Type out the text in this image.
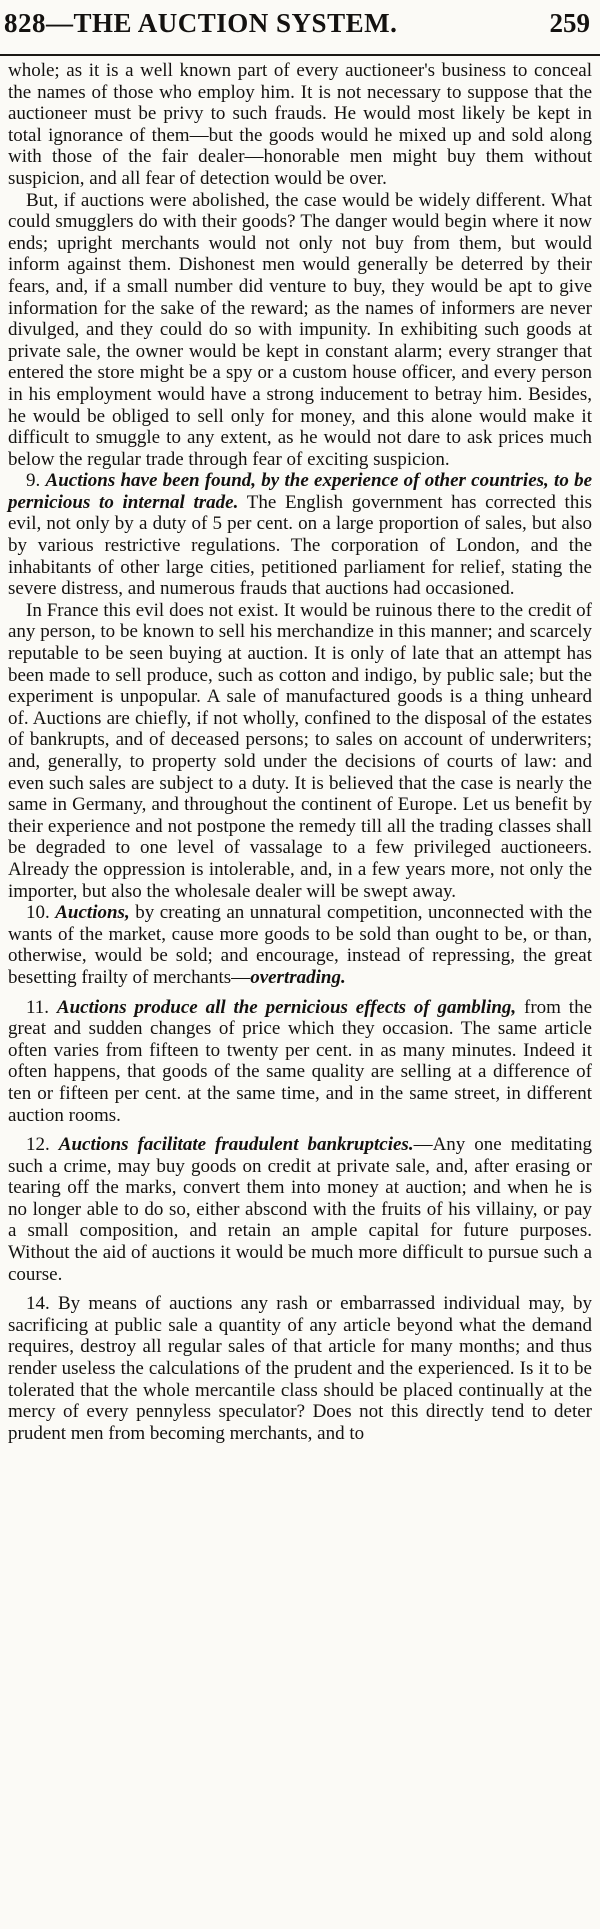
828—THE AUCTION SYSTEM.	259

whole; as it is a well known part of every auctioneer's business to conceal the names of those who employ him. It is not necessary to suppose that the auctioneer must be privy to such frauds. He would most likely be kept in total ignorance of them—but the goods would he mixed up and sold along with those of the fair dealer—honorable men might buy them without suspicion, and all fear of detection would be over.

But, if auctions were abolished, the case would be widely different. What could smugglers do with their goods? The danger would begin where it now ends; upright merchants would not only not buy from them, but would inform against them. Dishonest men would generally be deterred by their fears, and, if a small number did venture to buy, they would be apt to give information for the sake of the reward; as the names of informers are never divulged, and they could do so with impunity. In exhibiting such goods at private sale, the owner would be kept in constant alarm; every stranger that entered the store might be a spy or a custom house officer, and every person in his employment would have a strong inducement to betray him. Besides, he would be obliged to sell only for money, and this alone would make it difficult to smuggle to any extent, as he would not dare to ask prices much below the regular trade through fear of exciting suspicion.

9. Auctions have been found, by the experience of other countries, to be pernicious to internal trade. The English government has corrected this evil, not only by a duty of 5 per cent. on a large proportion of sales, but also by various restrictive regulations. The corporation of London, and the inhabitants of other large cities, petitioned parliament for relief, stating the severe distress, and numerous frauds that auctions had occasioned.

In France this evil does not exist. It would be ruinous there to the credit of any person, to be known to sell his merchandize in this manner; and scarcely reputable to be seen buying at auction. It is only of late that an attempt has been made to sell produce, such as cotton and indigo, by public sale; but the experiment is unpopular. A sale of manufactured goods is a thing unheard of. Auctions are chiefly, if not wholly, confined to the disposal of the estates of bankrupts, and of deceased persons; to sales on account of underwriters; and, generally, to property sold under the decisions of courts of law: and even such sales are subject to a duty. It is believed that the case is nearly the same in Germany, and throughout the continent of Europe. Let us benefit by their experience and not postpone the remedy till all the trading classes shall be degraded to one level of vassalage to a few privileged auctioneers. Already the oppression is intolerable, and, in a few years more, not only the importer, but also the wholesale dealer will be swept away.

10. Auctions, by creating an unnatural competition, unconnected with the wants of the market, cause more goods to be sold than ought to be, or than, otherwise, would be sold; and encourage, instead of repressing, the great besetting frailty of merchants—overtrading.

11. Auctions produce all the pernicious effects of gambling, from the great and sudden changes of price which they occasion. The same article often varies from fifteen to twenty per cent. in as many minutes. Indeed it often happens, that goods of the same quality are selling at a difference of ten or fifteen per cent. at the same time, and in the same street, in different auction rooms.

12. Auctions facilitate fraudulent bankruptcies.—Any one meditating such a crime, may buy goods on credit at private sale, and, after erasing or tearing off the marks, convert them into money at auction; and when he is no longer able to do so, either abscond with the fruits of his villainy, or pay a small composition, and retain an ample capital for future purposes. Without the aid of auctions it would be much more difficult to pursue such a course.

14. By means of auctions any rash or embarrassed individual may, by sacrificing at public sale a quantity of any article beyond what the demand requires, destroy all regular sales of that article for many months; and thus render useless the calculations of the prudent and the experienced. Is it to be tolerated that the whole mercantile class should be placed continually at the mercy of every pennyless speculator? Does not this directly tend to deter prudent men from becoming merchants, and to
